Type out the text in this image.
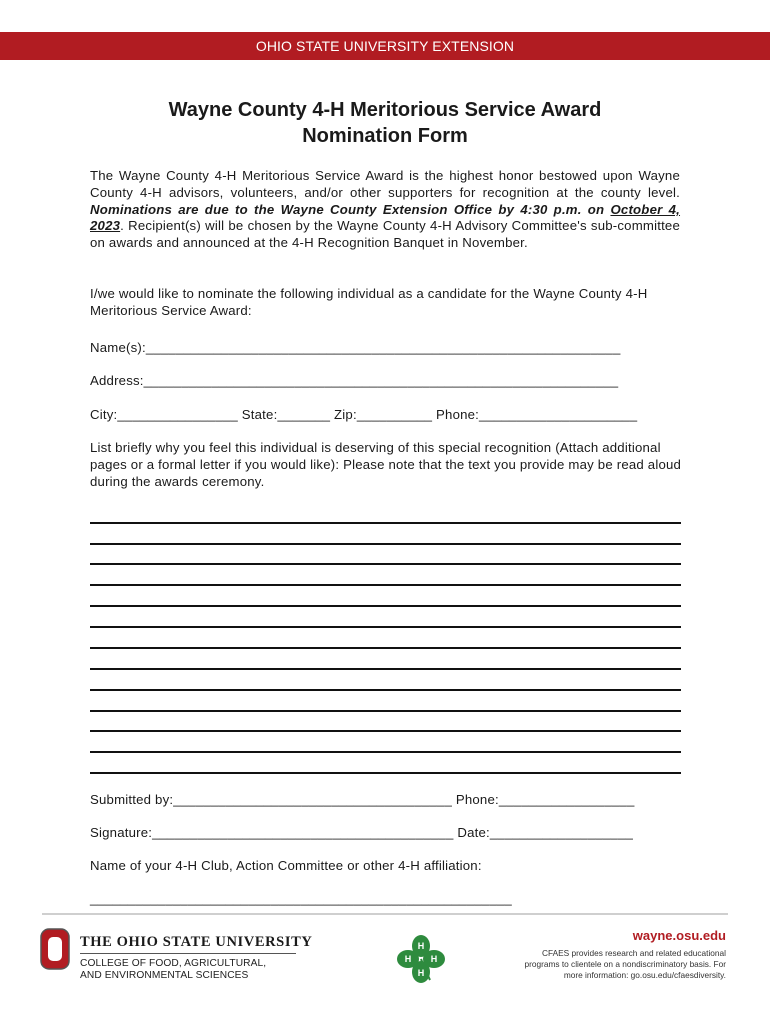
OHIO STATE UNIVERSITY EXTENSION
Wayne County 4-H Meritorious Service Award
Nomination Form
The Wayne County 4-H Meritorious Service Award is the highest honor bestowed upon Wayne County 4-H advisors, volunteers, and/or other supporters for recognition at the county level. Nominations are due to the Wayne County Extension Office by 4:30 p.m. on October 4, 2023. Recipient(s) will be chosen by the Wayne County 4-H Advisory Committee's sub-committee on awards and announced at the 4-H Recognition Banquet in November.
I/we would like to nominate the following individual as a candidate for the Wayne County 4-H Meritorious Service Award:
Name(s):_______________________________________________________________
Address:_______________________________________________________________
City:________________ State:_______ Zip:__________ Phone:_____________________
List briefly why you feel this individual is deserving of this special recognition (Attach additional pages or a formal letter if you would like): Please note that the text you provide may be read aloud during the awards ceremony.
Submitted by:_____________________________________ Phone:__________________
Signature:________________________________________ Date:___________________
Name of your 4-H Club, Action Committee or other 4-H affiliation:
________________________________________________________
THE OHIO STATE UNIVERSITY
COLLEGE OF FOOD, AGRICULTURAL,
AND ENVIRONMENTAL SCIENCES
H
H
H H
wayne.osu.edu
CFAES provides research and related educational
programs to clientele on a nondiscriminatory basis. For
more information: go.osu.edu/cfaesdiversity.
